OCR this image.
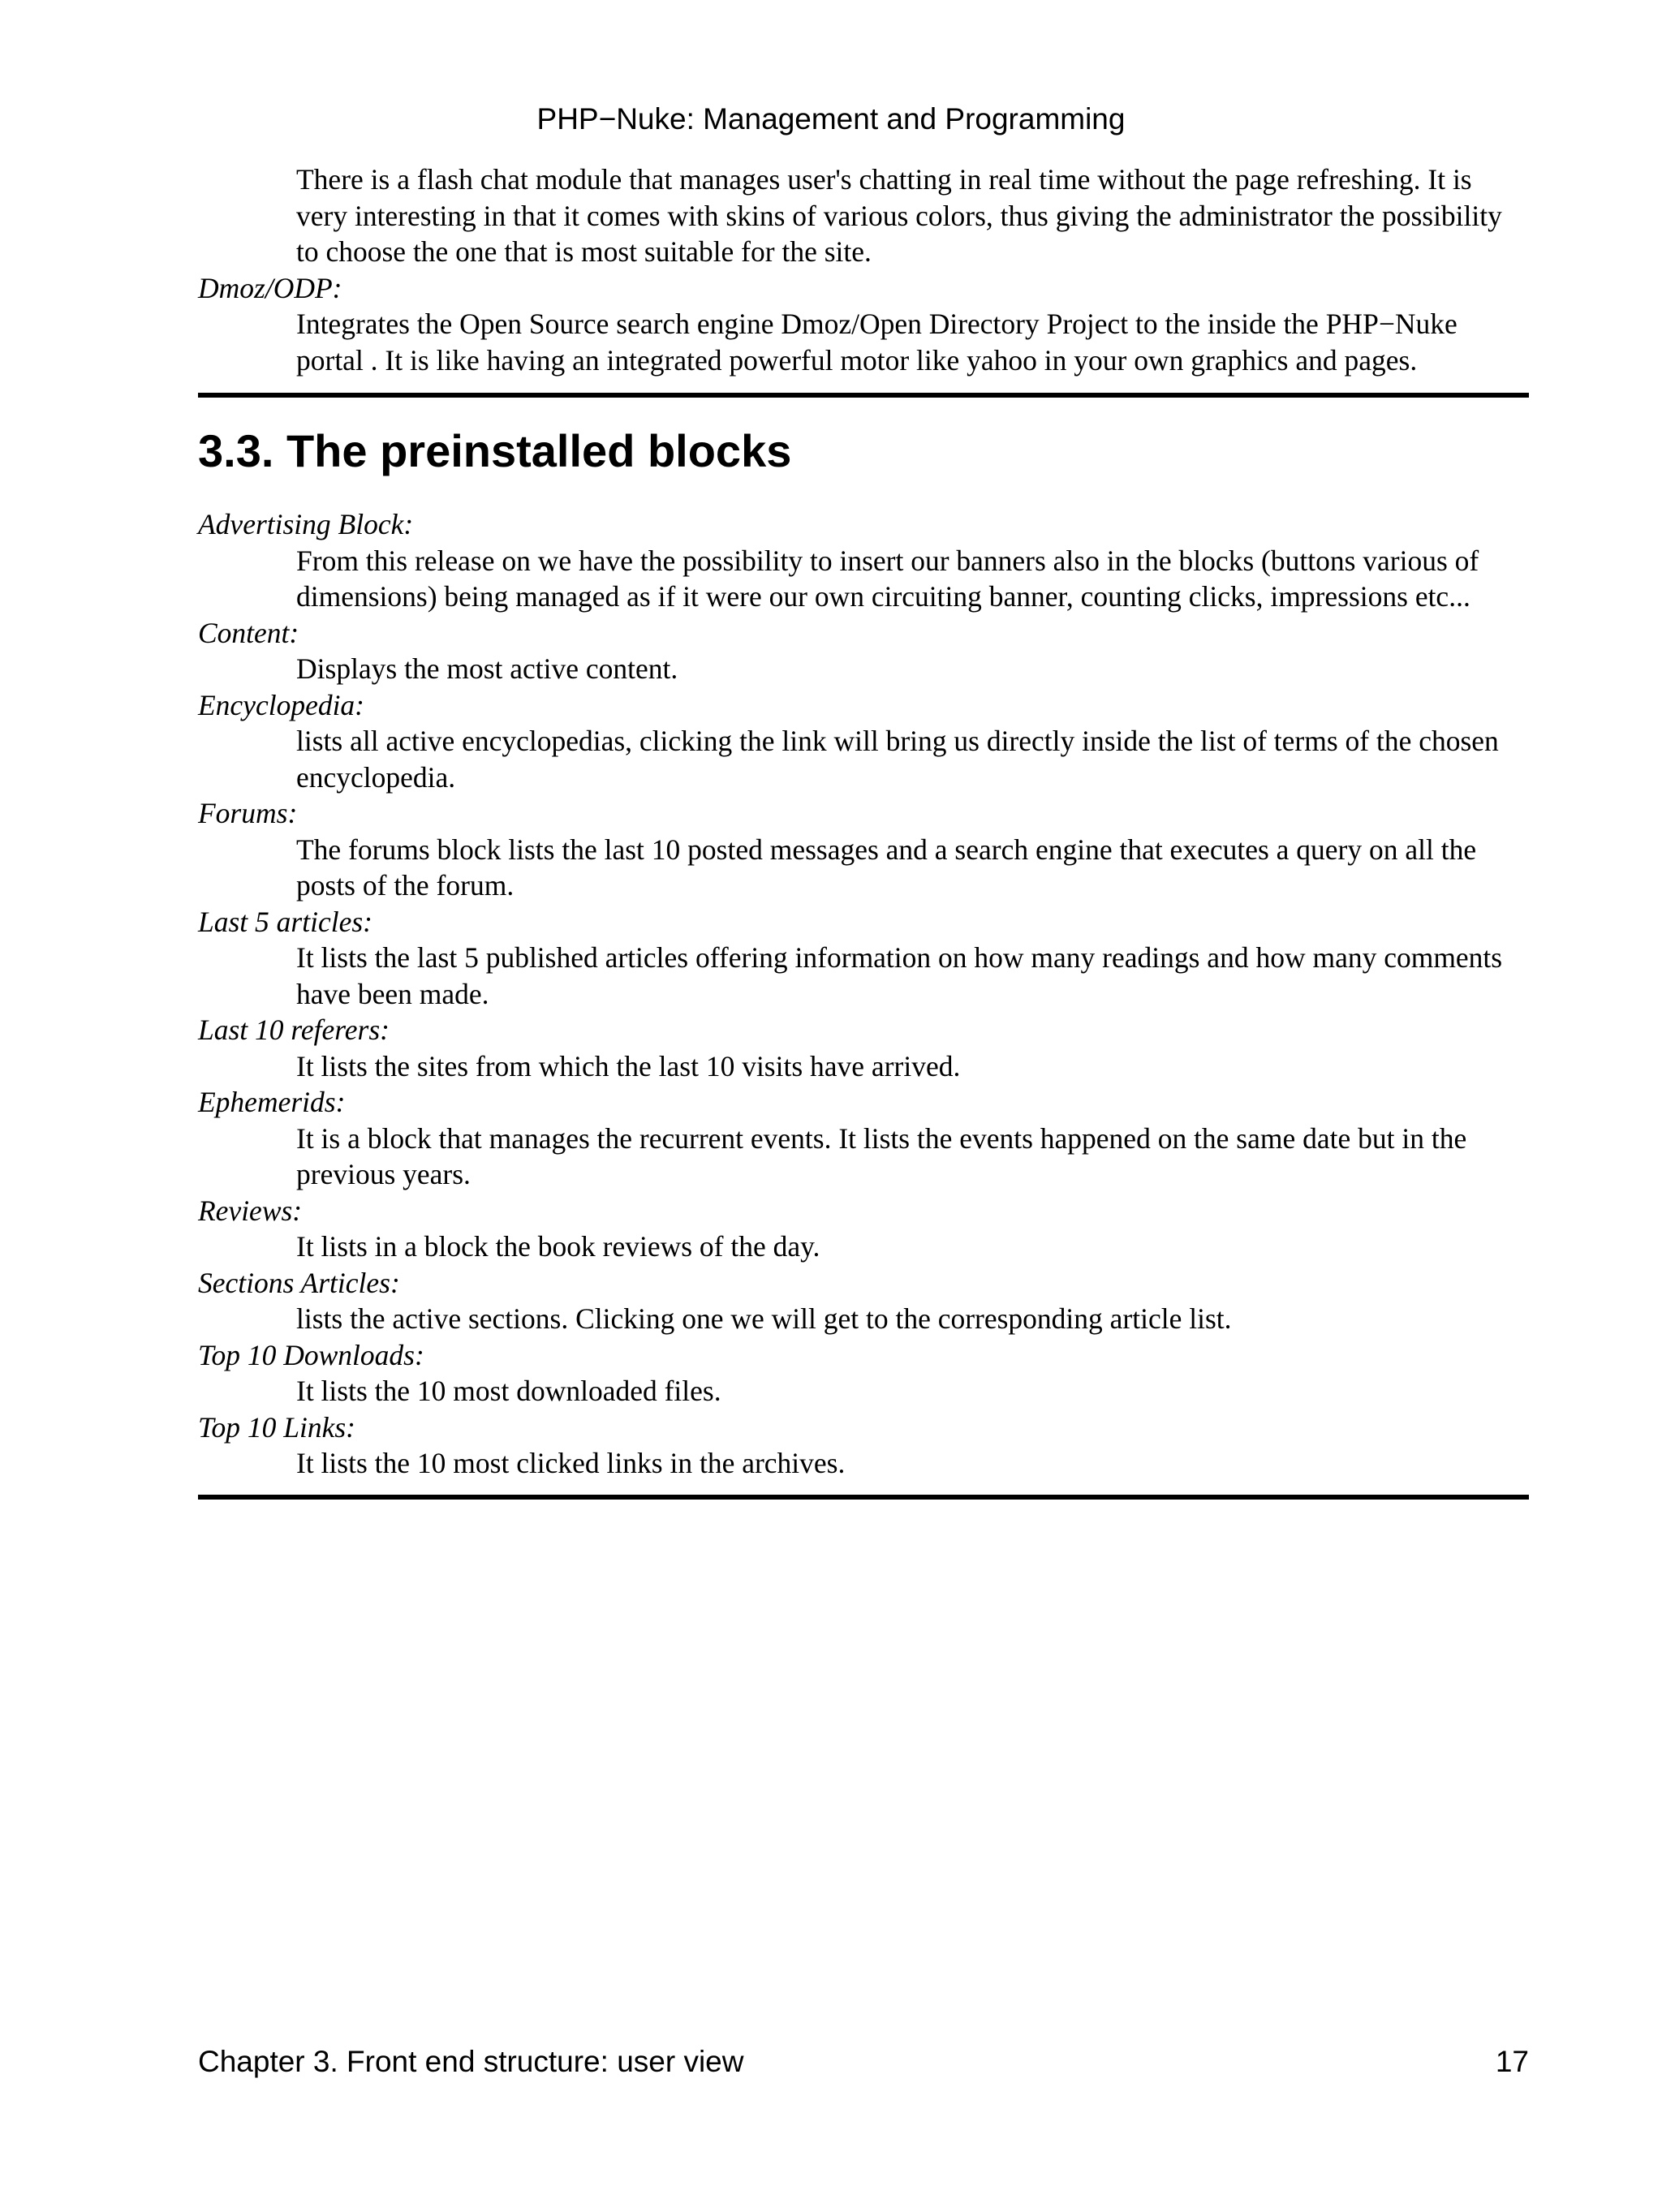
PHP−Nuke: Management and Programming
There is a flash chat module that manages user's chatting in real time without the page refreshing. It is very interesting in that it comes with skins of various colors, thus giving the administrator the possibility to choose the one that is most suitable for the site.
Dmoz/ODP:
Integrates the Open Source search engine Dmoz/Open Directory Project to the inside the PHP−Nuke portal . It is like having an integrated powerful motor like yahoo in your own graphics and pages.
3.3. The preinstalled blocks
Advertising Block:
From this release on we have the possibility to insert our banners also in the blocks (buttons various of dimensions) being managed as if it were our own circuiting banner, counting clicks, impressions etc...
Content:
Displays the most active content.
Encyclopedia:
lists all active encyclopedias, clicking the link will bring us directly inside the list of terms of the chosen encyclopedia.
Forums:
The forums block lists the last 10 posted messages and a search engine that executes a query on all the posts of the forum.
Last 5 articles:
It lists the last 5 published articles offering information on how many readings and how many comments have been made.
Last 10 referers:
It lists the sites from which the last 10 visits have arrived.
Ephemerids:
It is a block that manages the recurrent events. It lists the events happened on the same date but in the previous years.
Reviews:
It lists in a block the book reviews of the day.
Sections Articles:
lists the active sections. Clicking one we will get to the corresponding article list.
Top 10 Downloads:
It lists the 10 most downloaded files.
Top 10 Links:
It lists the 10 most clicked links in the archives.
Chapter 3. Front end structure: user view	17
